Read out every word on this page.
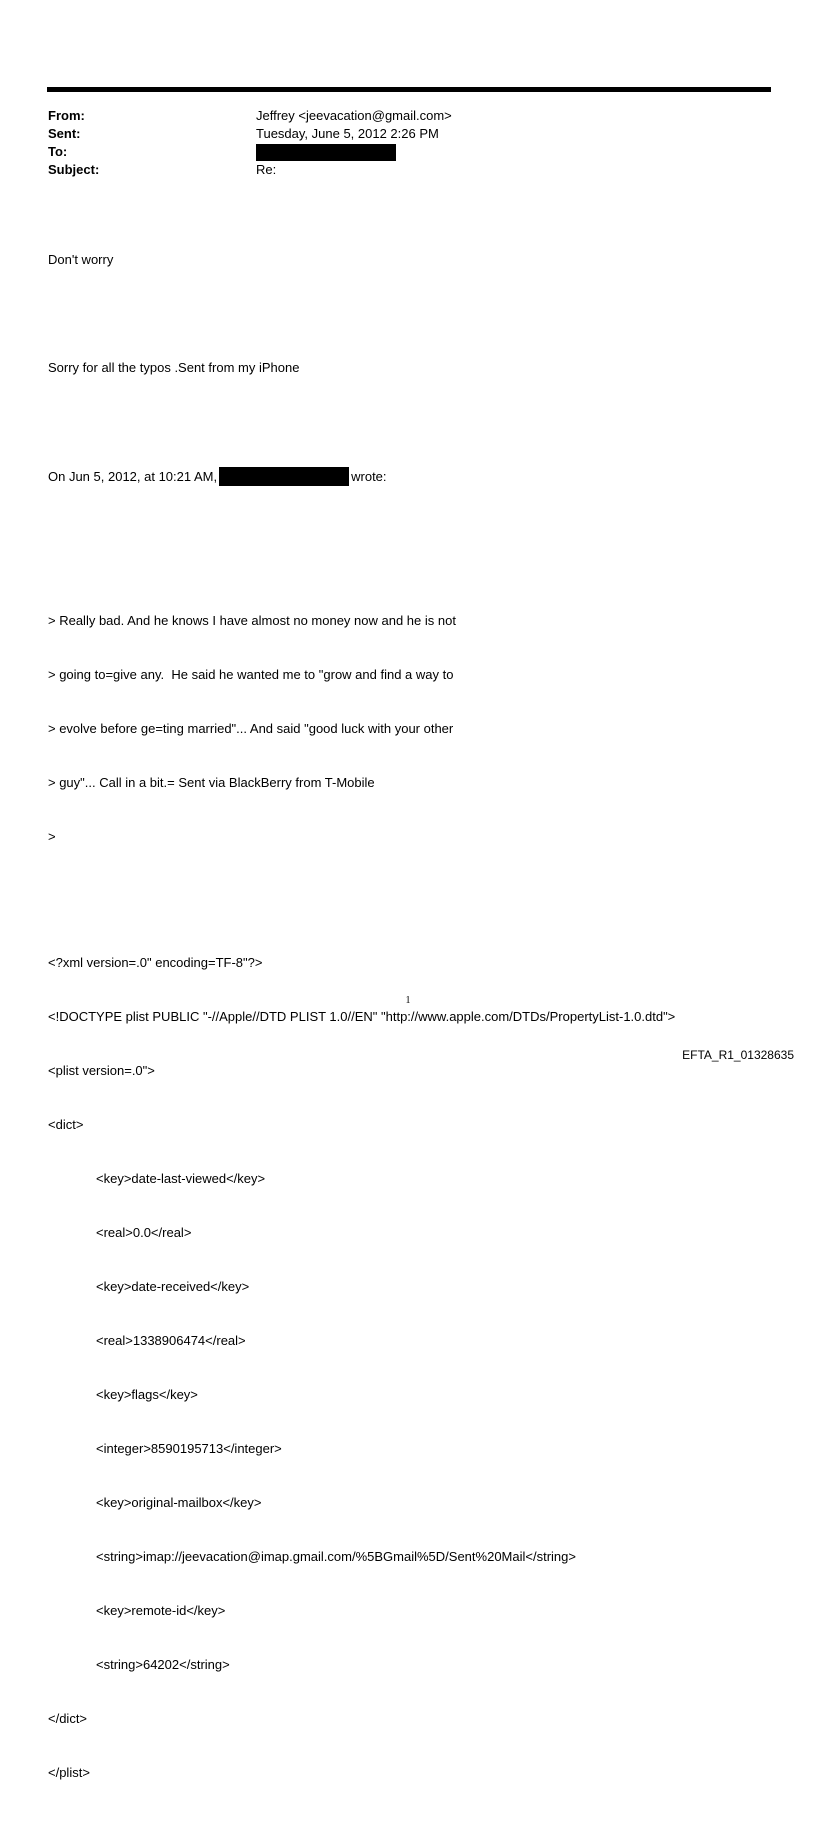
From:	Jeffrey <jeevacation@gmail.com>
Sent:	Tuesday, June 5, 2012 2:26 PM
To:
Subject:	Re:

Don't worry

Sorry for all the typos .Sent from my iPhone

On Jun 5, 2012, at 10:21 AM,	wrote:

> Really bad. And he knows I have almost no money now and he is not

> going to=give any.  He said he wanted me to "grow and find a way to

> evolve before ge=ting married"... And said "good luck with your other

> guy"... Call in a bit.= Sent via BlackBerry from T-Mobile

>

<?xml version=.0" encoding=TF-8"?>

<!DOCTYPE plist PUBLIC "-//Apple//DTD PLIST 1.0//EN" "http://www.apple.com/DTDs/PropertyList-1.0.dtd">

<plist version=.0">

<dict>

<key>date-last-viewed</key>

<real>0.0</real>

<key>date-received</key>

<real>1338906474</real>

<key>flags</key>

<integer>8590195713</integer>

<key>original-mailbox</key>

<string>imap://jeevacation@imap.gmail.com/%5BGmail%5D/Sent%20Mail</string>

<key>remote-id</key>

<string>64202</string>

</dict>

</plist>

1
EFTA_R1_01328635
